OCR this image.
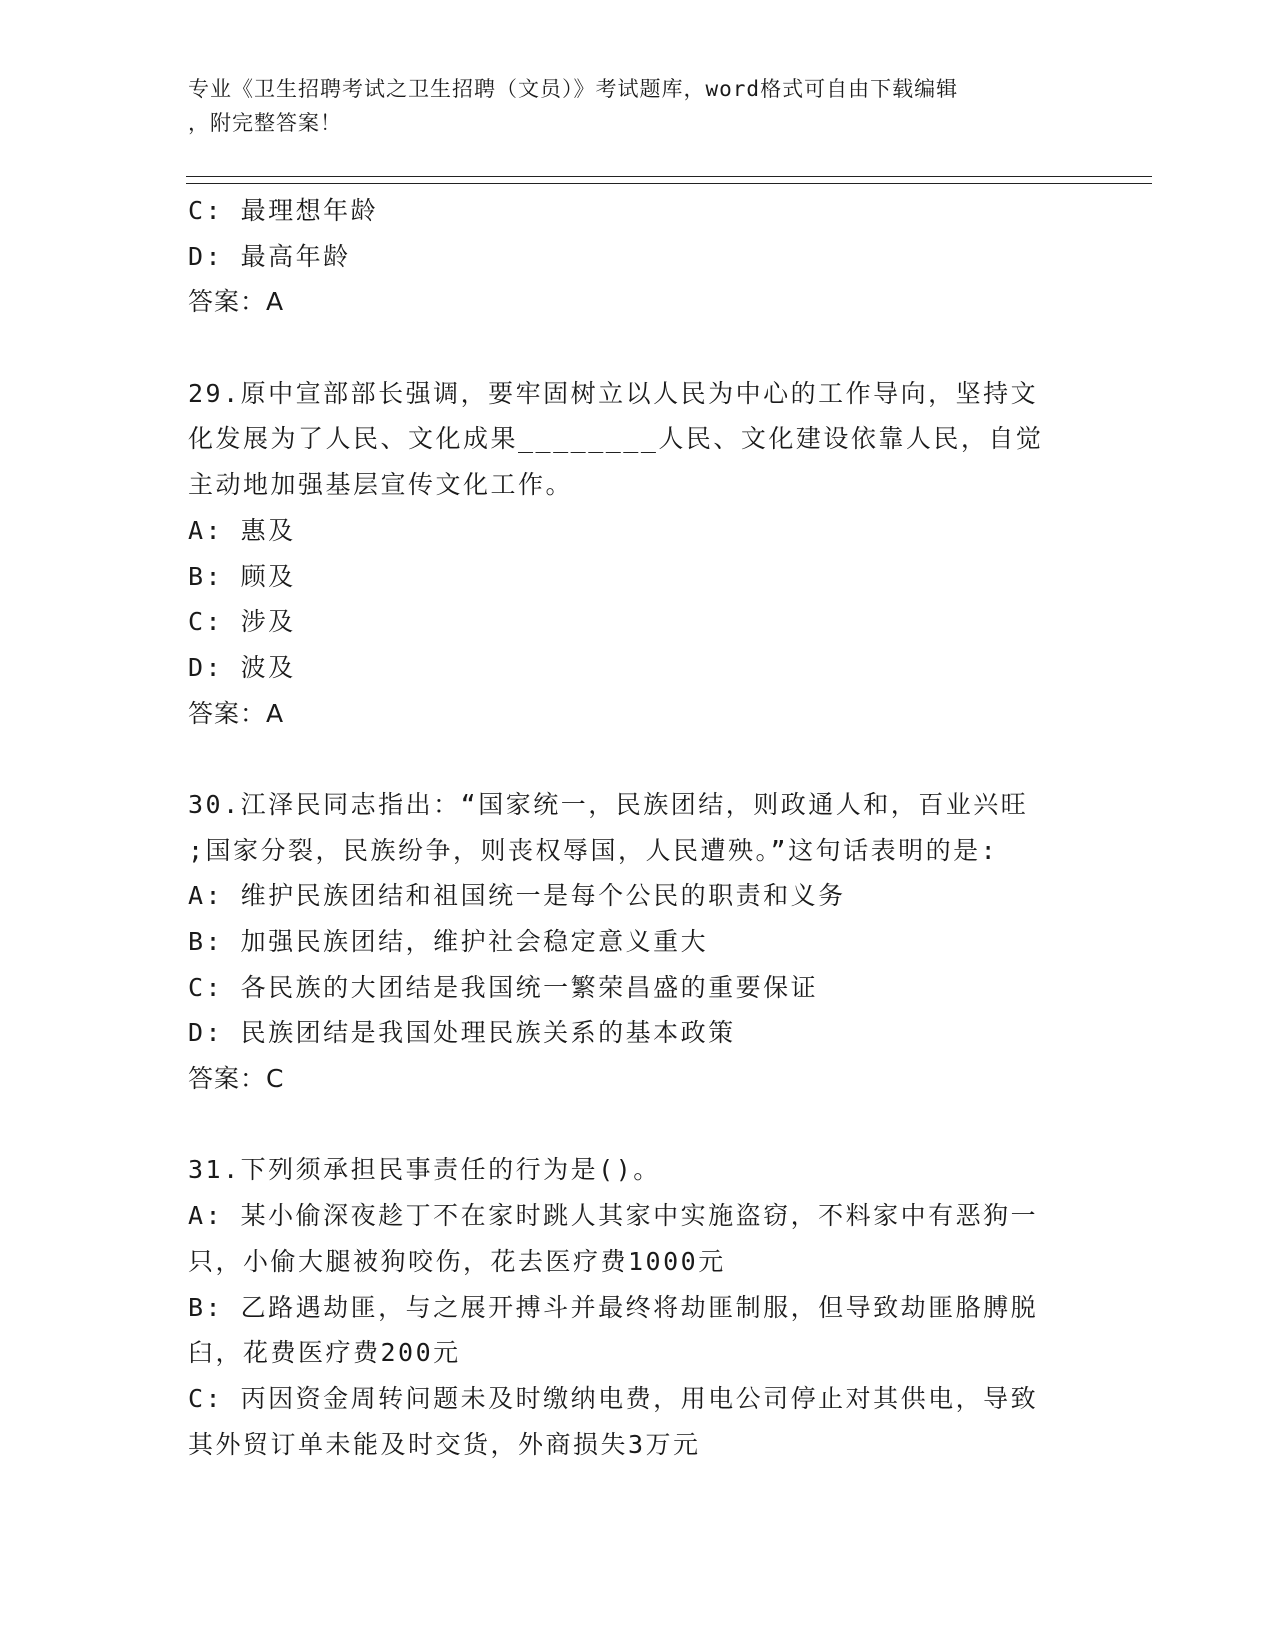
专业《卫生招聘考试之卫生招聘（文员）》考试题库，word格式可自由下载编辑
，附完整答案！
C: 最理想年龄
D: 最高年龄
答案：A
29.原中宣部部长强调，要牢固树立以人民为中心的工作导向，坚持文
化发展为了人民、文化成果________人民、文化建设依靠人民，自觉
主动地加强基层宣传文化工作。
A: 惠及
B: 顾及
C: 涉及
D: 波及
答案：A
30.江泽民同志指出：“国家统一，民族团结，则政通人和，百业兴旺
;国家分裂，民族纷争，则丧权辱国，人民遭殃。”这句话表明的是:
A: 维护民族团结和祖国统一是每个公民的职责和义务
B: 加强民族团结，维护社会稳定意义重大
C: 各民族的大团结是我国统一繁荣昌盛的重要保证
D: 民族团结是我国处理民族关系的基本政策
答案：C
31.下列须承担民事责任的行为是()。
A: 某小偷深夜趁丁不在家时跳人其家中实施盗窃，不料家中有恶狗一
只，小偷大腿被狗咬伤，花去医疗费1000元
B: 乙路遇劫匪，与之展开搏斗并最终将劫匪制服，但导致劫匪胳膊脱
臼，花费医疗费200元
C: 丙因资金周转问题未及时缴纳电费，用电公司停止对其供电，导致
其外贸订单未能及时交货，外商损失3万元
